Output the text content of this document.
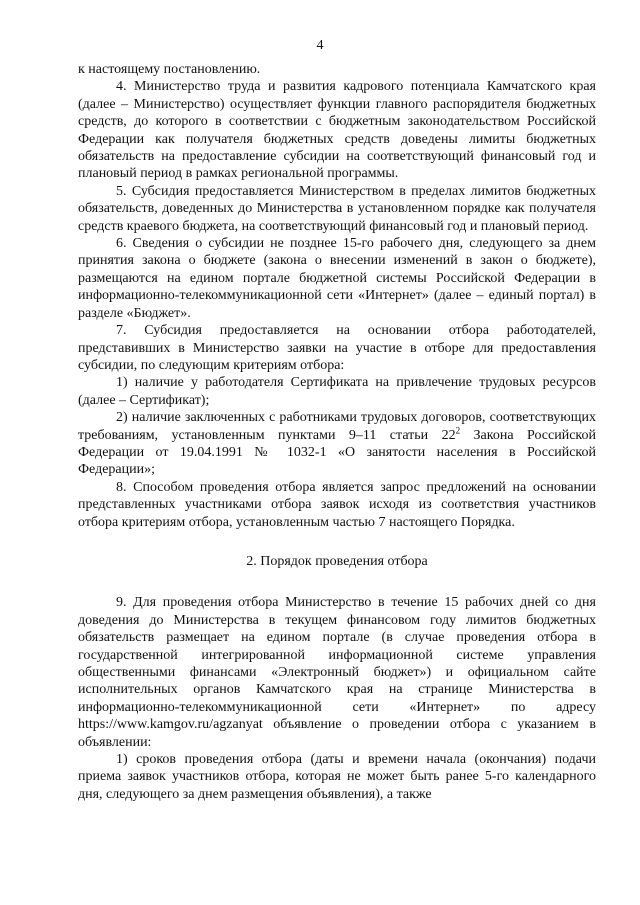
4

к настоящему постановлению.

4. Министерство труда и развития кадрового потенциала Камчатского края (далее – Министерство) осуществляет функции главного распорядителя бюджетных средств, до которого в соответствии с бюджетным законодательством Российской Федерации как получателя бюджетных средств доведены лимиты бюджетных обязательств на предоставление субсидии на соответствующий финансовый год и плановый период в рамках региональной программы.

5. Субсидия предоставляется Министерством в пределах лимитов бюджетных обязательств, доведенных до Министерства в установленном порядке как получателя средств краевого бюджета, на соответствующий финансовый год и плановый период.

6. Сведения о субсидии не позднее 15-го рабочего дня, следующего за днем принятия закона о бюджете (закона о внесении изменений в закон о бюджете), размещаются на едином портале бюджетной системы Российской Федерации в информационно-телекоммуникационной сети «Интернет» (далее – единый портал) в разделе «Бюджет».

7. Субсидия предоставляется на основании отбора работодателей, представивших в Министерство заявки на участие в отборе для предоставления субсидии, по следующим критериям отбора:

1) наличие у работодателя Сертификата на привлечение трудовых ресурсов (далее – Сертификат);

2) наличие заключенных с работниками трудовых договоров, соответствующих требованиям, установленным пунктами 9–11 статьи $22^2$ Закона Российской Федерации от 19.04.1991 № 1032-1 «О занятости населения в Российской Федерации»;

8. Способом проведения отбора является запрос предложений на основании представленных участниками отбора заявок исходя из соответствия участников отбора критериям отбора, установленным частью 7 настоящего Порядка.

2. Порядок проведения отбора

9. Для проведения отбора Министерство в течение 15 рабочих дней со дня доведения до Министерства в текущем финансовом году лимитов бюджетных обязательств размещает на едином портале (в случае проведения отбора в государственной интегрированной информационной системе управления общественными финансами «Электронный бюджет») и официальном сайте исполнительных органов Камчатского края на странице Министерства в информационно-телекоммуникационной сети «Интернет» по адресу https://www.kamgov.ru/agzanyat объявление о проведении отбора с указанием в объявлении:

1) сроков проведения отбора (даты и времени начала (окончания) подачи приема заявок участников отбора, которая не может быть ранее 5-го календарного дня, следующего за днем размещения объявления), а также
